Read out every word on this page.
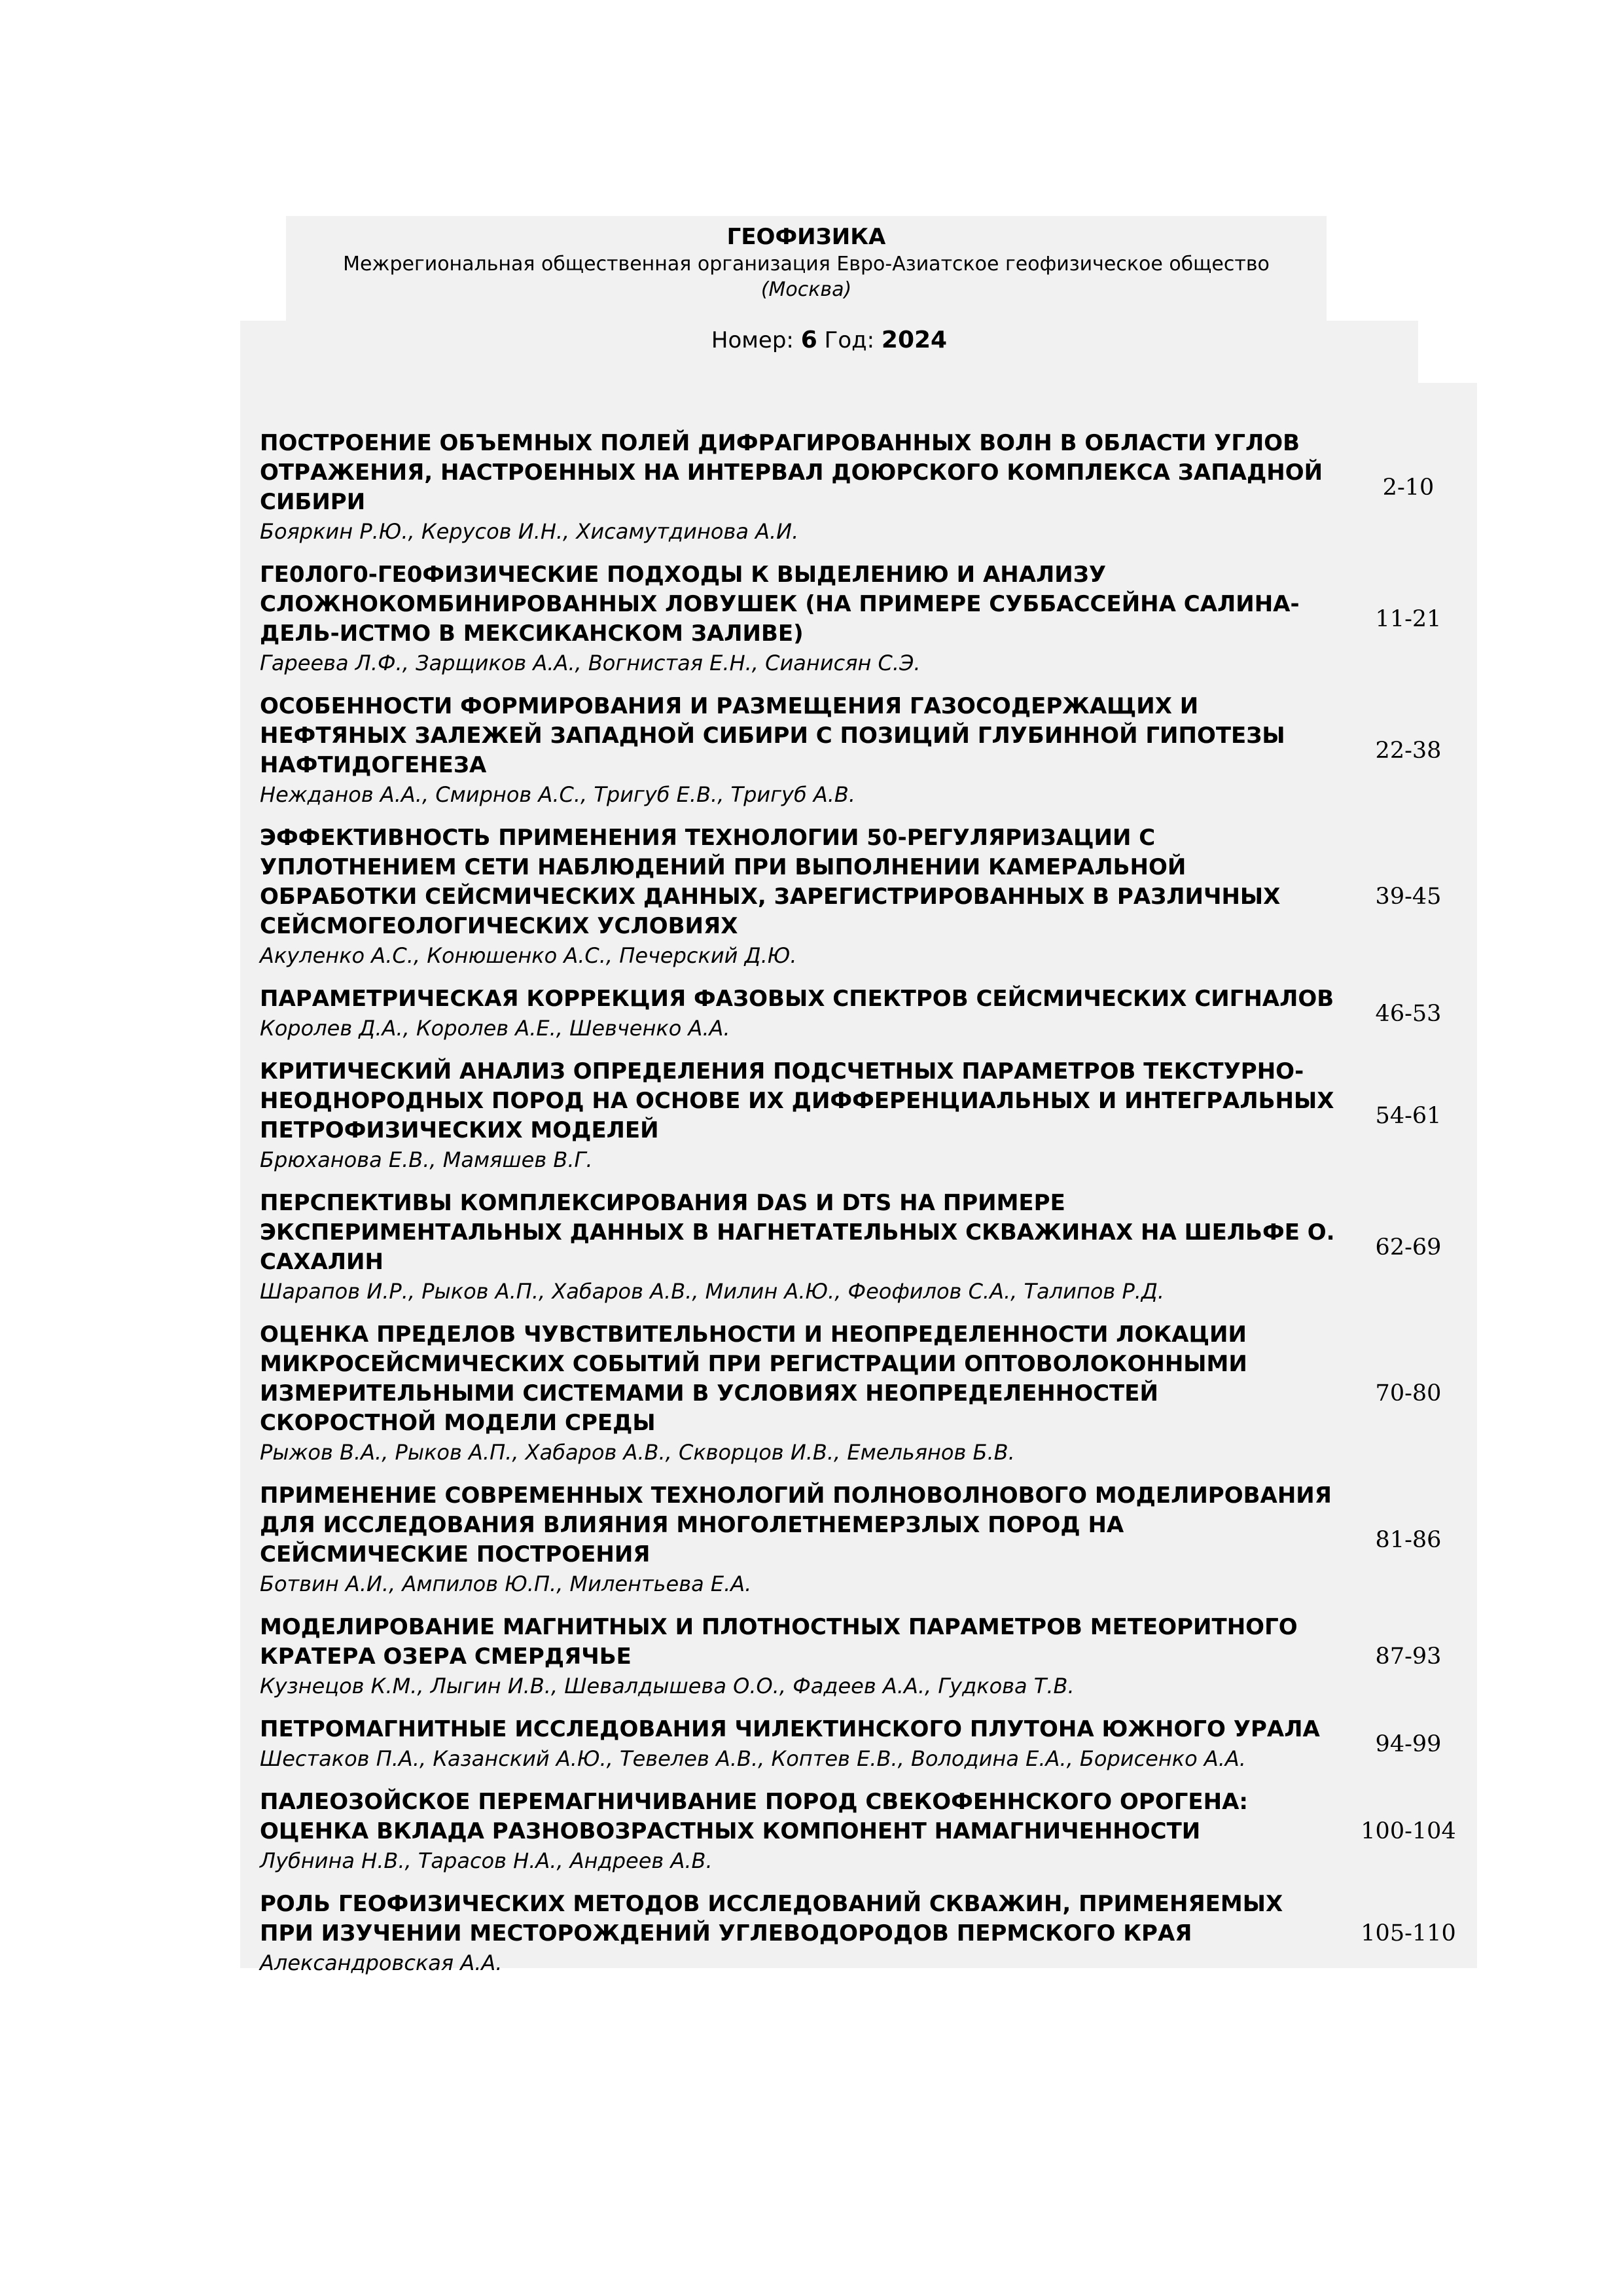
ГЕОФИЗИКА
Межрегиональная общественная организация Евро-Азиатское геофизическое общество
(Москва)
Номер: 6 Год: 2024
ПОСТРОЕНИЕ ОБЪЕМНЫХ ПОЛЕЙ ДИФРАГИРОВАННЫХ ВОЛН В ОБЛАСТИ УГЛОВ ОТРАЖЕНИЯ, НАСТРОЕННЫХ НА ИНТЕРВАЛ ДОЮРСКОГО КОМПЛЕКСА ЗАПАДНОЙ СИБИРИ
Бояркин Р.Ю., Керусов И.Н., Хисамутдинова А.И.
2-10
ГЕ0Л0Г0-ГЕ0ФИЗИЧЕСКИЕ ПОДХОДЫ К ВЫДЕЛЕНИЮ И АНАЛИЗУ СЛОЖНОКОМБИНИРОВАННЫХ ЛОВУШЕК (НА ПРИМЕРЕ СУББАССЕЙНА САЛИНА-ДЕЛЬ-ИСТМО В МЕКСИКАНСКОМ ЗАЛИВЕ)
Гареева Л.Ф., Зарщиков А.А., Вогнистая Е.Н., Сианисян С.Э.
11-21
ОСОБЕННОСТИ ФОРМИРОВАНИЯ И РАЗМЕЩЕНИЯ ГАЗОСОДЕРЖАЩИХ И НЕФТЯНЫХ ЗАЛЕЖЕЙ ЗАПАДНОЙ СИБИРИ С ПОЗИЦИЙ ГЛУБИННОЙ ГИПОТЕЗЫ НАФТИДОГЕНЕЗА
Нежданов А.А., Смирнов А.С., Тригуб Е.В., Тригуб А.В.
22-38
ЭФФЕКТИВНОСТЬ ПРИМЕНЕНИЯ ТЕХНОЛОГИИ 50-РЕГУЛЯРИЗАЦИИ С УПЛОТНЕНИЕМ СЕТИ НАБЛЮДЕНИЙ ПРИ ВЫПОЛНЕНИИ КАМЕРАЛЬНОЙ ОБРАБОТКИ СЕЙСМИЧЕСКИХ ДАННЫХ, ЗАРЕГИСТРИРОВАННЫХ В РАЗЛИЧНЫХ СЕЙСМОГЕОЛОГИЧЕСКИХ УСЛОВИЯХ
Акуленко А.С., Конюшенко А.С., Печерский Д.Ю.
39-45
ПАРАМЕТРИЧЕСКАЯ КОРРЕКЦИЯ ФАЗОВЫХ СПЕКТРОВ СЕЙСМИЧЕСКИХ СИГНАЛОВ
Королев Д.А., Королев А.Е., Шевченко А.А.
46-53
КРИТИЧЕСКИЙ АНАЛИЗ ОПРЕДЕЛЕНИЯ ПОДСЧЕТНЫХ ПАРАМЕТРОВ ТЕКСТУРНО-НЕОДНОРОДНЫХ ПОРОД НА ОСНОВЕ ИХ ДИФФЕРЕНЦИАЛЬНЫХ И ИНТЕГРАЛЬНЫХ ПЕТРОФИЗИЧЕСКИХ МОДЕЛЕЙ
Брюханова Е.В., Мамяшев В.Г.
54-61
ПЕРСПЕКТИВЫ КОМПЛЕКСИРОВАНИЯ DAS И DTS НА ПРИМЕРЕ ЭКСПЕРИМЕНТАЛЬНЫХ ДАННЫХ В НАГНЕТАТЕЛЬНЫХ СКВАЖИНАХ НА ШЕЛЬФЕ О. САХАЛИН
Шарапов И.Р., Рыков А.П., Хабаров А.В., Милин А.Ю., Феофилов С.А., Талипов Р.Д.
62-69
ОЦЕНКА ПРЕДЕЛОВ ЧУВСТВИТЕЛЬНОСТИ И НЕОПРЕДЕЛЕННОСТИ ЛОКАЦИИ МИКРОСЕЙСМИЧЕСКИХ СОБЫТИЙ ПРИ РЕГИСТРАЦИИ ОПТОВОЛОКОННЫМИ ИЗМЕРИТЕЛЬНЫМИ СИСТЕМАМИ В УСЛОВИЯХ НЕОПРЕДЕЛЕННОСТЕЙ СКОРОСТНОЙ МОДЕЛИ СРЕДЫ
Рыжов В.А., Рыков А.П., Хабаров А.В., Скворцов И.В., Емельянов Б.В.
70-80
ПРИМЕНЕНИЕ СОВРЕМЕННЫХ ТЕХНОЛОГИЙ ПОЛНОВОЛНОВОГО МОДЕЛИРОВАНИЯ ДЛЯ ИССЛЕДОВАНИЯ ВЛИЯНИЯ МНОГОЛЕТНЕМЕРЗЛЫХ ПОРОД НА СЕЙСМИЧЕСКИЕ ПОСТРОЕНИЯ
Ботвин А.И., Ампилов Ю.П., Милентьева Е.А.
81-86
МОДЕЛИРОВАНИЕ МАГНИТНЫХ И ПЛОТНОСТНЫХ ПАРАМЕТРОВ МЕТЕОРИТНОГО КРАТЕРА ОЗЕРА СМЕРДЯЧЬЕ
Кузнецов К.М., Лыгин И.В., Шевалдышева О.О., Фадеев А.А., Гудкова Т.В.
87-93
ПЕТРОМАГНИТНЫЕ ИССЛЕДОВАНИЯ ЧИЛЕКТИНСКОГО ПЛУТОНА ЮЖНОГО УРАЛА
Шестаков П.А., Казанский А.Ю., Тевелев А.В., Коптев Е.В., Володина Е.А., Борисенко А.А.
94-99
ПАЛЕОЗОЙСКОЕ ПЕРЕМАГНИЧИВАНИЕ ПОРОД СВЕКОФЕННСКОГО ОРОГЕНА: ОЦЕНКА ВКЛАДА РАЗНОВОЗРАСТНЫХ КОМПОНЕНТ НАМАГНИЧЕННОСТИ
Лубнина Н.В., Тарасов Н.А., Андреев А.В.
100-104
РОЛЬ ГЕОФИЗИЧЕСКИХ МЕТОДОВ ИССЛЕДОВАНИЙ СКВАЖИН, ПРИМЕНЯЕМЫХ ПРИ ИЗУЧЕНИИ МЕСТОРОЖДЕНИЙ УГЛЕВОДОРОДОВ ПЕРМСКОГО КРАЯ
Александровская А.А.
105-110
